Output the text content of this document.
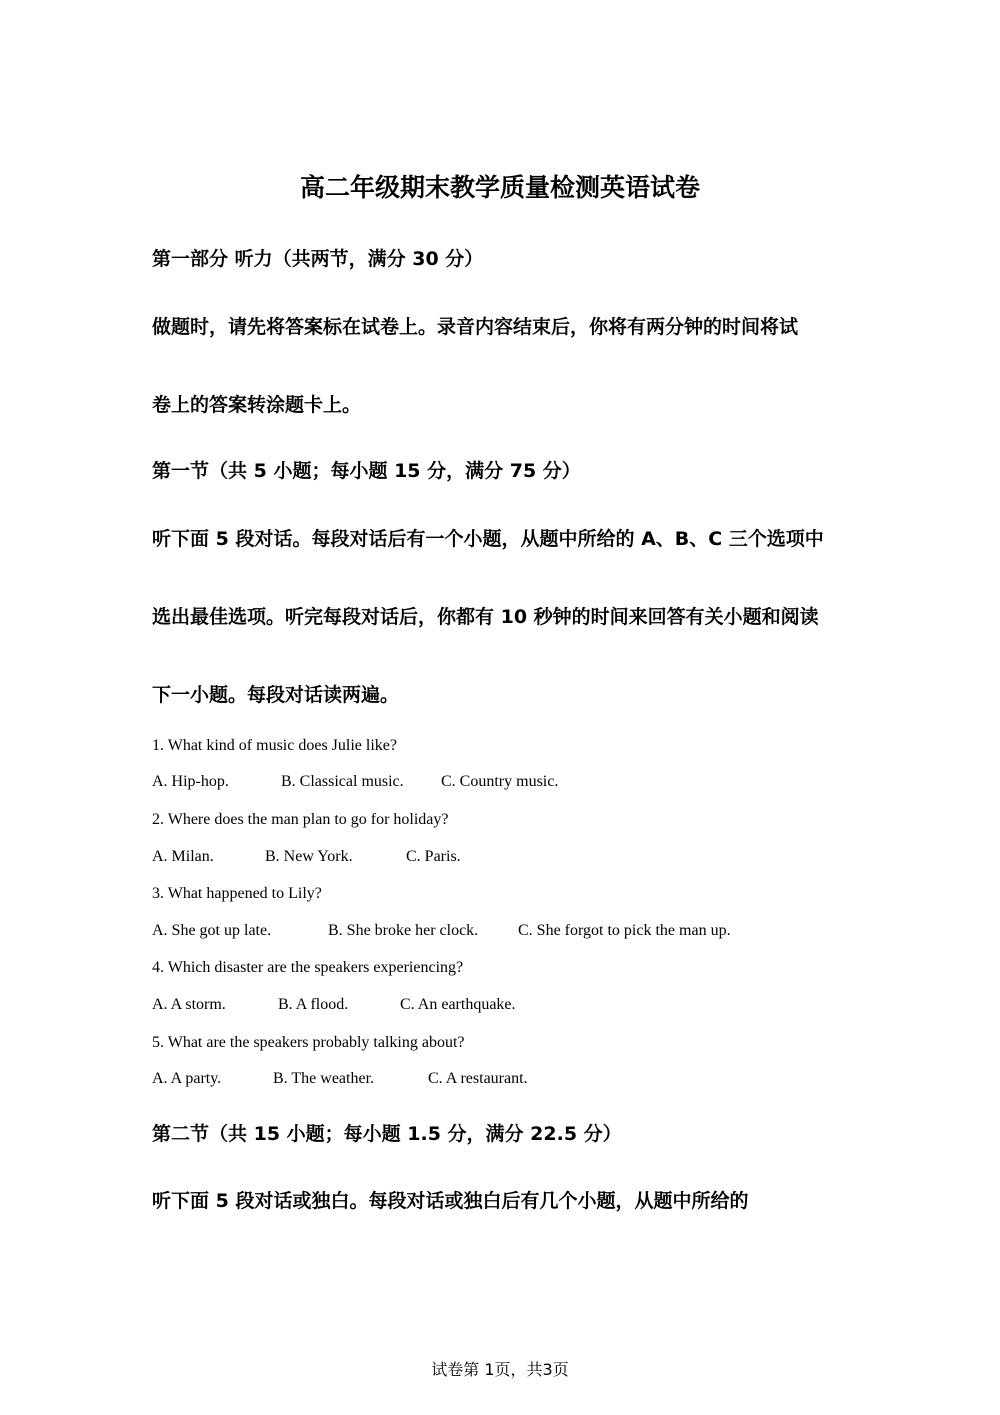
高二年级期末教学质量检测英语试卷
第一部分 听力（共两节，满分 30 分）
做题时，请先将答案标在试卷上。录音内容结束后，你将有两分钟的时间将试
卷上的答案转涂题卡上。
第一节（共 5 小题；每小题 15 分，满分 75 分）
听下面 5 段对话。每段对话后有一个小题，从题中所给的 A、B、C 三个选项中
选出最佳选项。听完每段对话后，你都有 10 秒钟的时间来回答有关小题和阅读
下一小题。每段对话读两遍。
1. What kind of music does Julie like?
A. Hip-hop.	B. Classical music. C. Country music.
2. Where does the man plan to go for holiday?
A. Milan.	B. New York.	C. Paris.
3. What happened to Lily?
A. She got up late.	B. She broke her clock. C. She forgot to pick the man up.
4. Which disaster are the speakers experiencing?
A. A storm.	B. A flood.	C. An earthquake.
5. What are the speakers probably talking about?
A. A party.	B. The weather.	C. A restaurant.
第二节（共 15 小题；每小题 1.5 分，满分 22.5 分）
听下面 5 段对话或独白。每段对话或独白后有几个小题，从题中所给的
试卷第 1页，共3页
